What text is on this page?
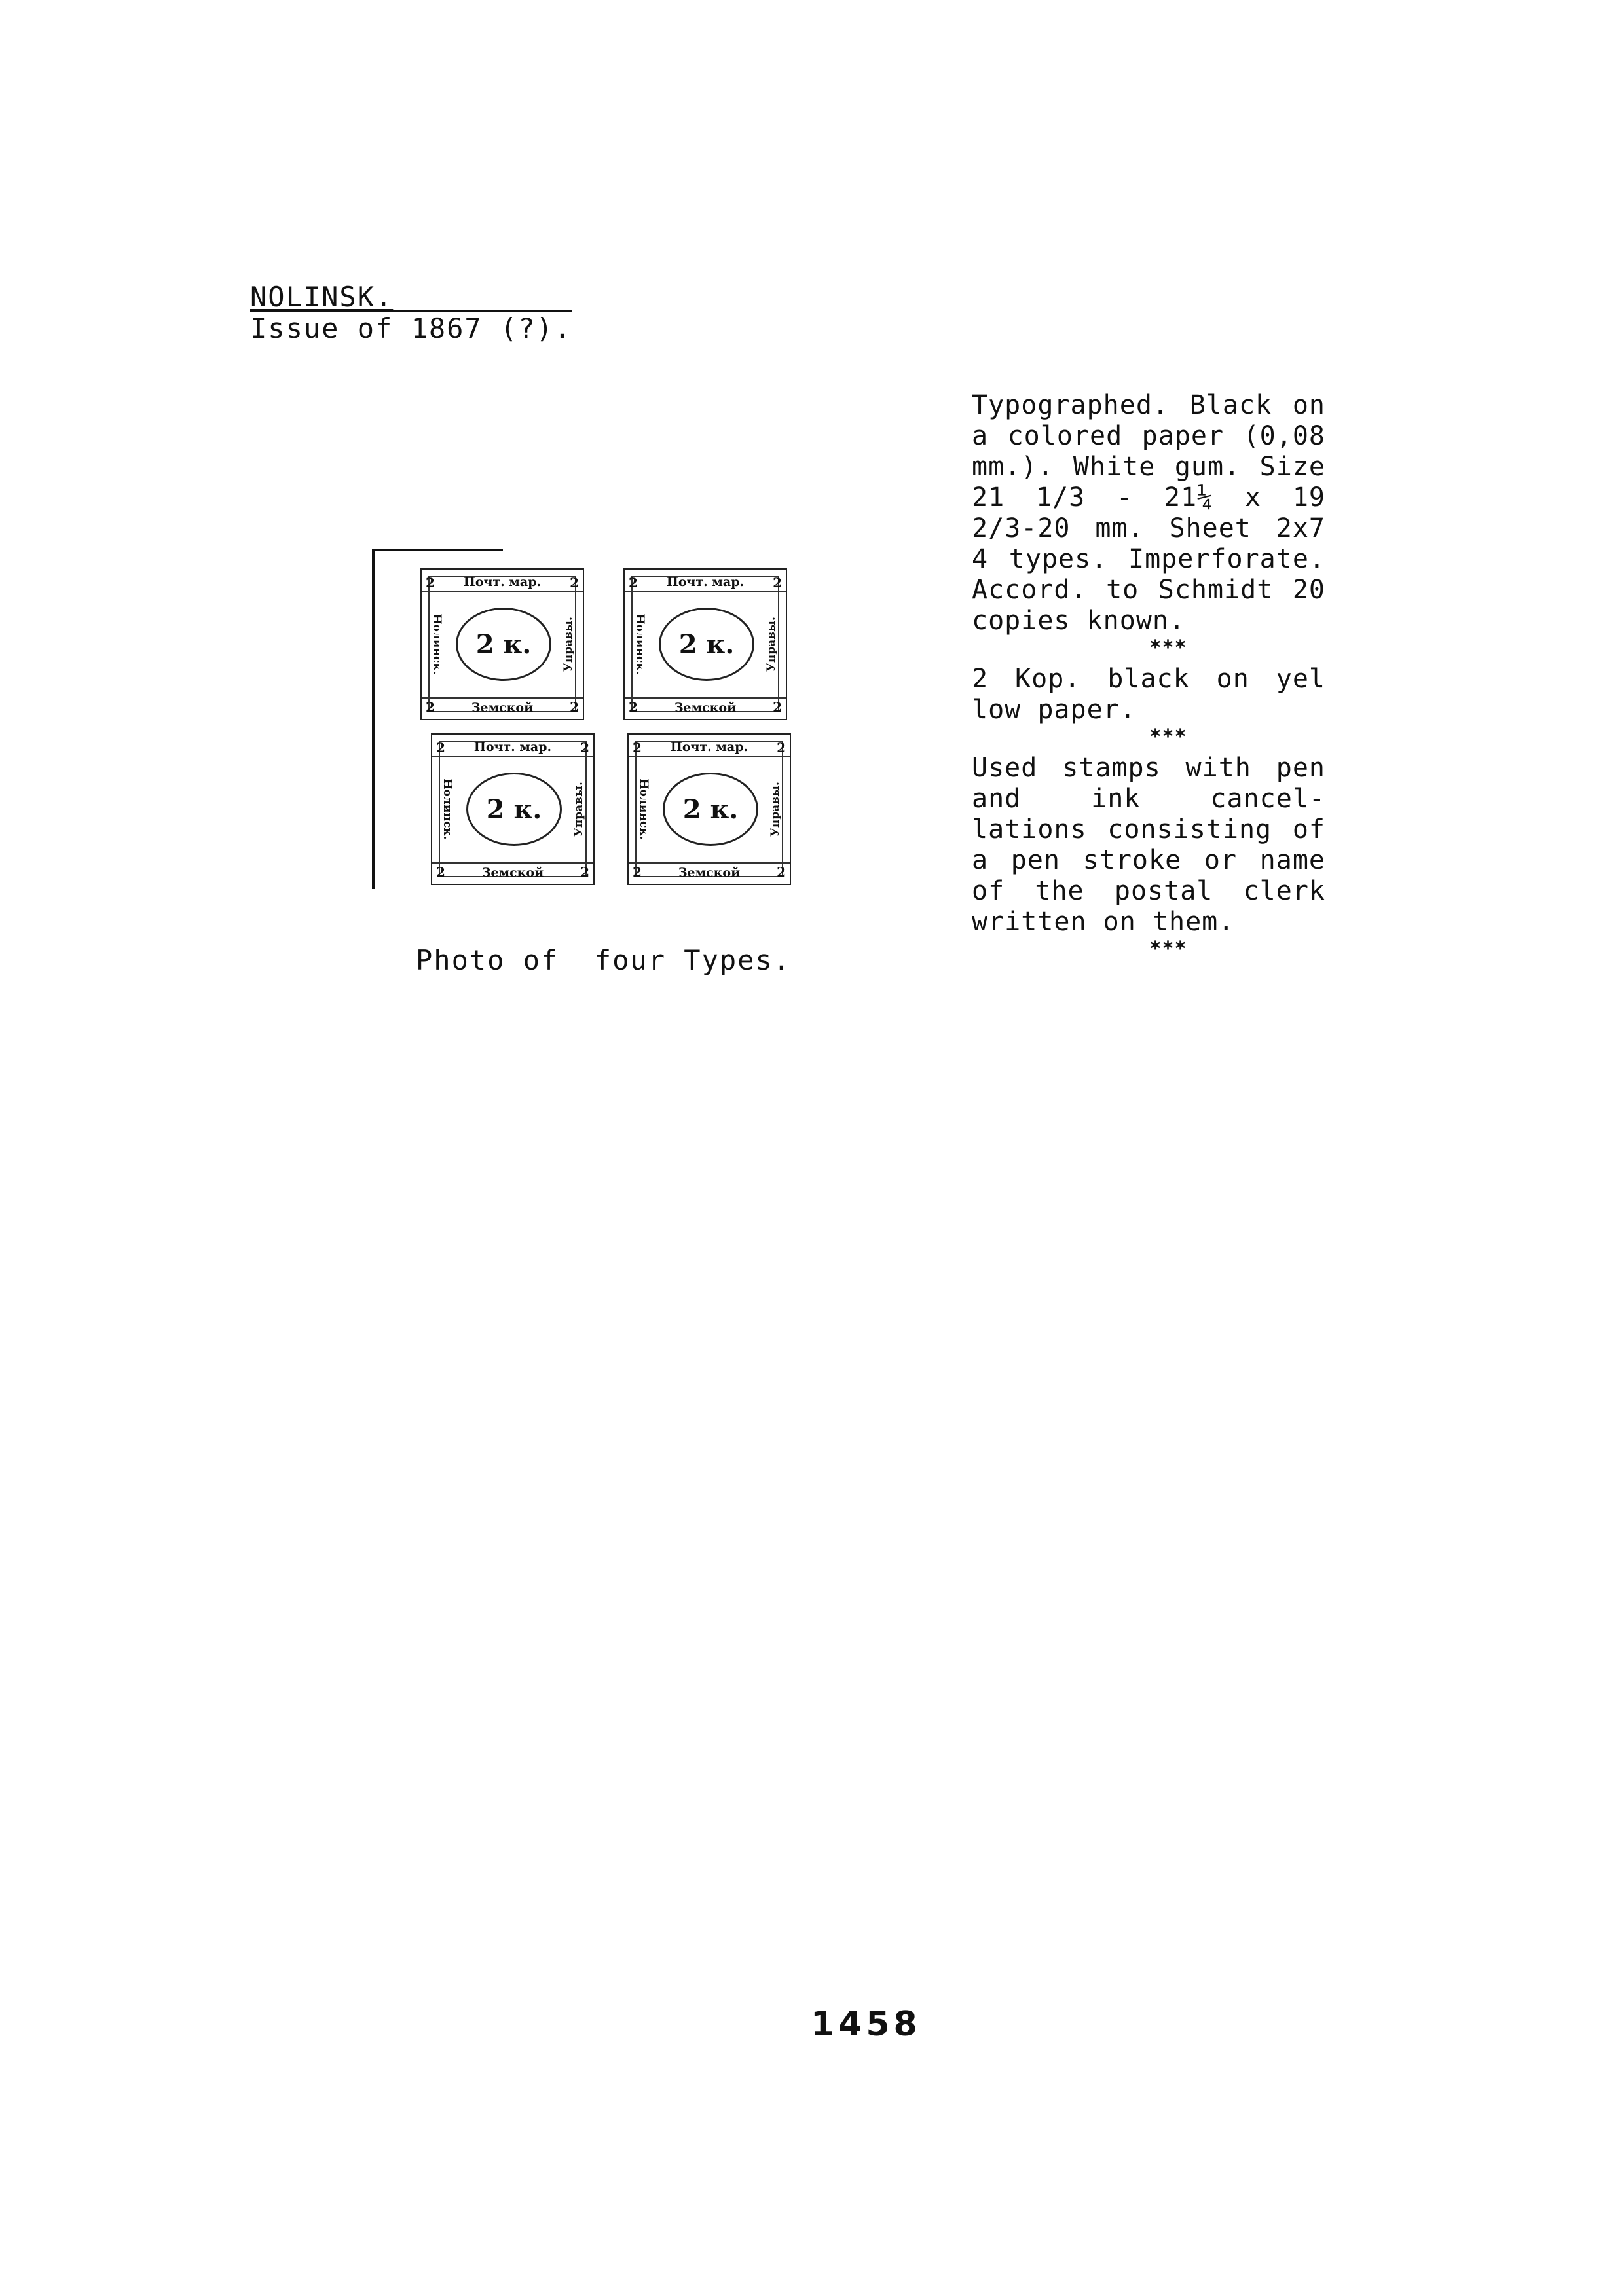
NOLINSK.
Issue of 1867 (?).
Почт. мар.
Земской
2	2
2	2
Нолинск.	Управы.
2 к.
Почт. мар.
Земской
2	2
2	2
Нолинск.	Управы.
2 к.
Почт. мар.
Земской
2	2
2	2
Нолинск.	Управы.
2 к.
Почт. мар.
Земской
2	2
2	2
Нолинск.	Управы.
2 к.
Photo of  four Types.

Typographed. Black on a colored paper (0,08 mm.). White gum. Size 21 1/3 - 21¼ x 19 2/3-20 mm. Sheet 2x7 4 types. Imperforate. Accord. to Schmidt 20 copies known.

***

2 Kop. black on yel low paper.

***

Used stamps with pen and ink cancel-lations consisting of a pen stroke or name of the postal clerk written on them.

***
1458
